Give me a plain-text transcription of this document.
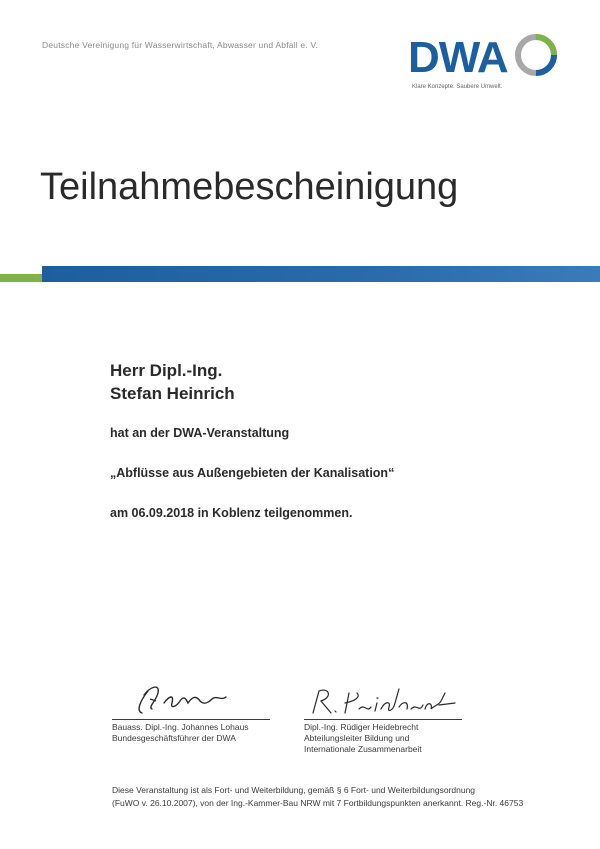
Deutsche Vereinigung für Wasserwirtschaft, Abwasser und Abfall e. V. DWA
Klare Konzepte. Saubere Umwelt.
Teilnahmebescheinigung
Herr Dipl.-Ing.
Stefan Heinrich
hat an der DWA-Veranstaltung
„Abflüsse aus Außengebieten der Kanalisation“
am 06.09.2018 in Koblenz teilgenommen.
Bauass. Dipl.-Ing. Johannes Lohaus
Bundesgeschäftsführer der DWA
Dipl.-Ing. Rüdiger Heidebrecht
Abteilungsleiter Bildung und
Internationale Zusammenarbeit
Diese Veranstaltung ist als Fort- und Weiterbildung, gemäß § 6 Fort- und Weiterbildungsordnung
(FuWO v. 26.10.2007), von der Ing.-Kammer-Bau NRW mit 7 Fortbildungspunkten anerkannt. Reg.-Nr. 46753
